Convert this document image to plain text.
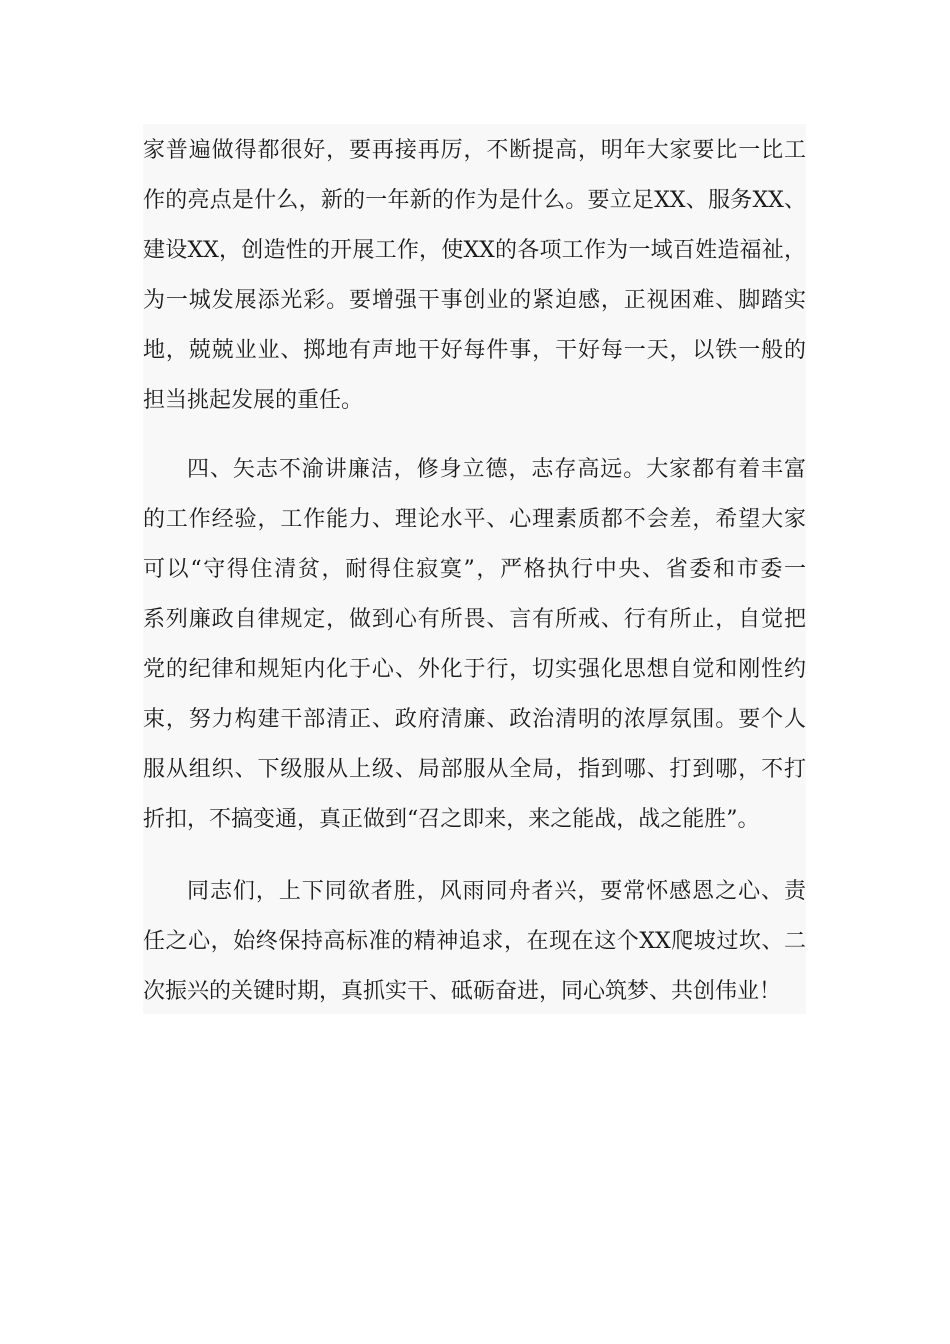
家普遍做得都很好，要再接再厉，不断提高，明年大家要比一比工
作的亮点是什么，新的一年新的作为是什么。要立足XX、服务XX、
建设XX，创造性的开展工作，使XX的各项工作为一域百姓造福祉，
为一城发展添光彩。要增强干事创业的紧迫感，正视困难、脚踏实
地，兢兢业业、掷地有声地干好每件事，干好每一天，以铁一般的
担当挑起发展的重任。
四、矢志不渝讲廉洁，修身立德，志存高远。大家都有着丰富
的工作经验，工作能力、理论水平、心理素质都不会差，希望大家
可以“守得住清贫，耐得住寂寞”，严格执行中央、省委和市委一
系列廉政自律规定，做到心有所畏、言有所戒、行有所止，自觉把
党的纪律和规矩内化于心、外化于行，切实强化思想自觉和刚性约
束，努力构建干部清正、政府清廉、政治清明的浓厚氛围。要个人
服从组织、下级服从上级、局部服从全局，指到哪、打到哪，不打
折扣，不搞变通，真正做到“召之即来，来之能战，战之能胜”。
同志们，上下同欲者胜，风雨同舟者兴，要常怀感恩之心、责
任之心，始终保持高标准的精神追求，在现在这个XX爬坡过坎、二
次振兴的关键时期，真抓实干、砥砺奋进，同心筑梦、共创伟业！
